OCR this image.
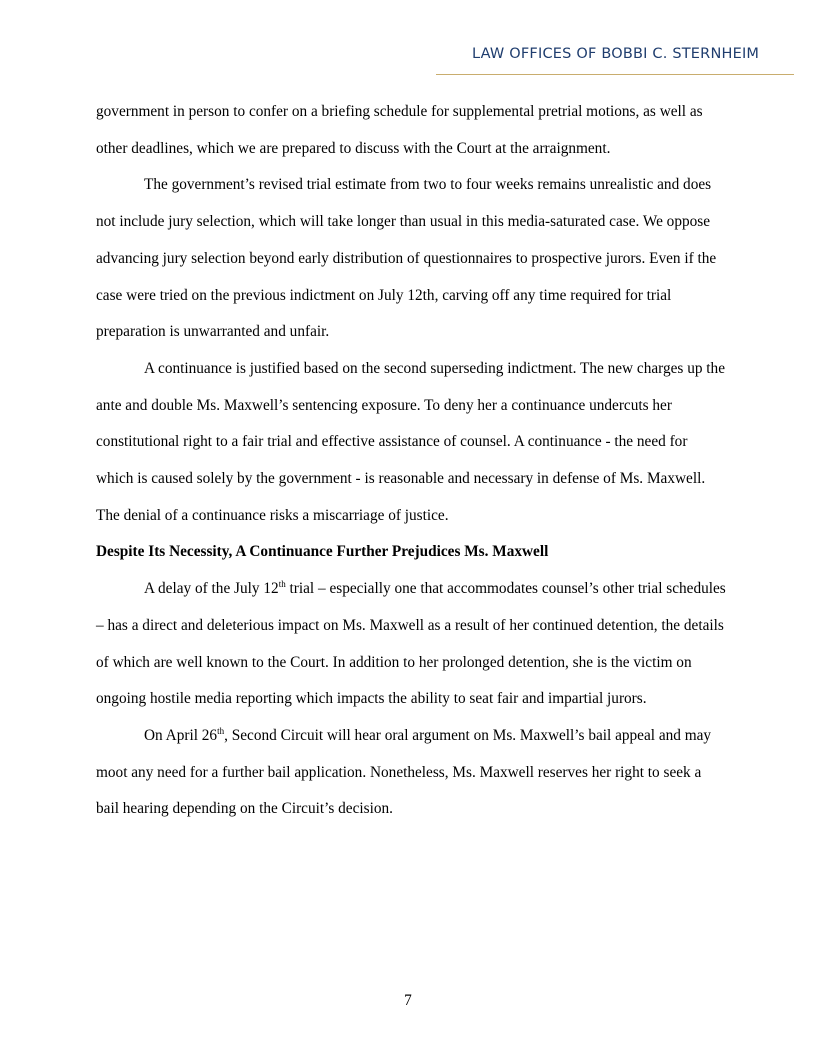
LAW OFFICES OF BOBBI C. STERNHEIM

government in person to confer on a briefing schedule for supplemental pretrial motions, as well as other deadlines, which we are prepared to discuss with the Court at the arraignment.

The government’s revised trial estimate from two to four weeks remains unrealistic and does not include jury selection, which will take longer than usual in this media-saturated case. We oppose advancing jury selection beyond early distribution of questionnaires to prospective jurors. Even if the case were tried on the previous indictment on July 12th, carving off any time required for trial preparation is unwarranted and unfair.

A continuance is justified based on the second superseding indictment. The new charges up the ante and double Ms. Maxwell’s sentencing exposure. To deny her a continuance undercuts her constitutional right to a fair trial and effective assistance of counsel. A continuance - the need for which is caused solely by the government - is reasonable and necessary in defense of Ms. Maxwell. The denial of a continuance risks a miscarriage of justice.

Despite Its Necessity, A Continuance Further Prejudices Ms. Maxwell

A delay of the July 12th trial – especially one that accommodates counsel’s other trial schedules – has a direct and deleterious impact on Ms. Maxwell as a result of her continued detention, the details of which are well known to the Court. In addition to her prolonged detention, she is the victim on ongoing hostile media reporting which impacts the ability to seat fair and impartial jurors.

On April 26th, Second Circuit will hear oral argument on Ms. Maxwell’s bail appeal and may moot any need for a further bail application. Nonetheless, Ms. Maxwell reserves her right to seek a bail hearing depending on the Circuit’s decision.

7
